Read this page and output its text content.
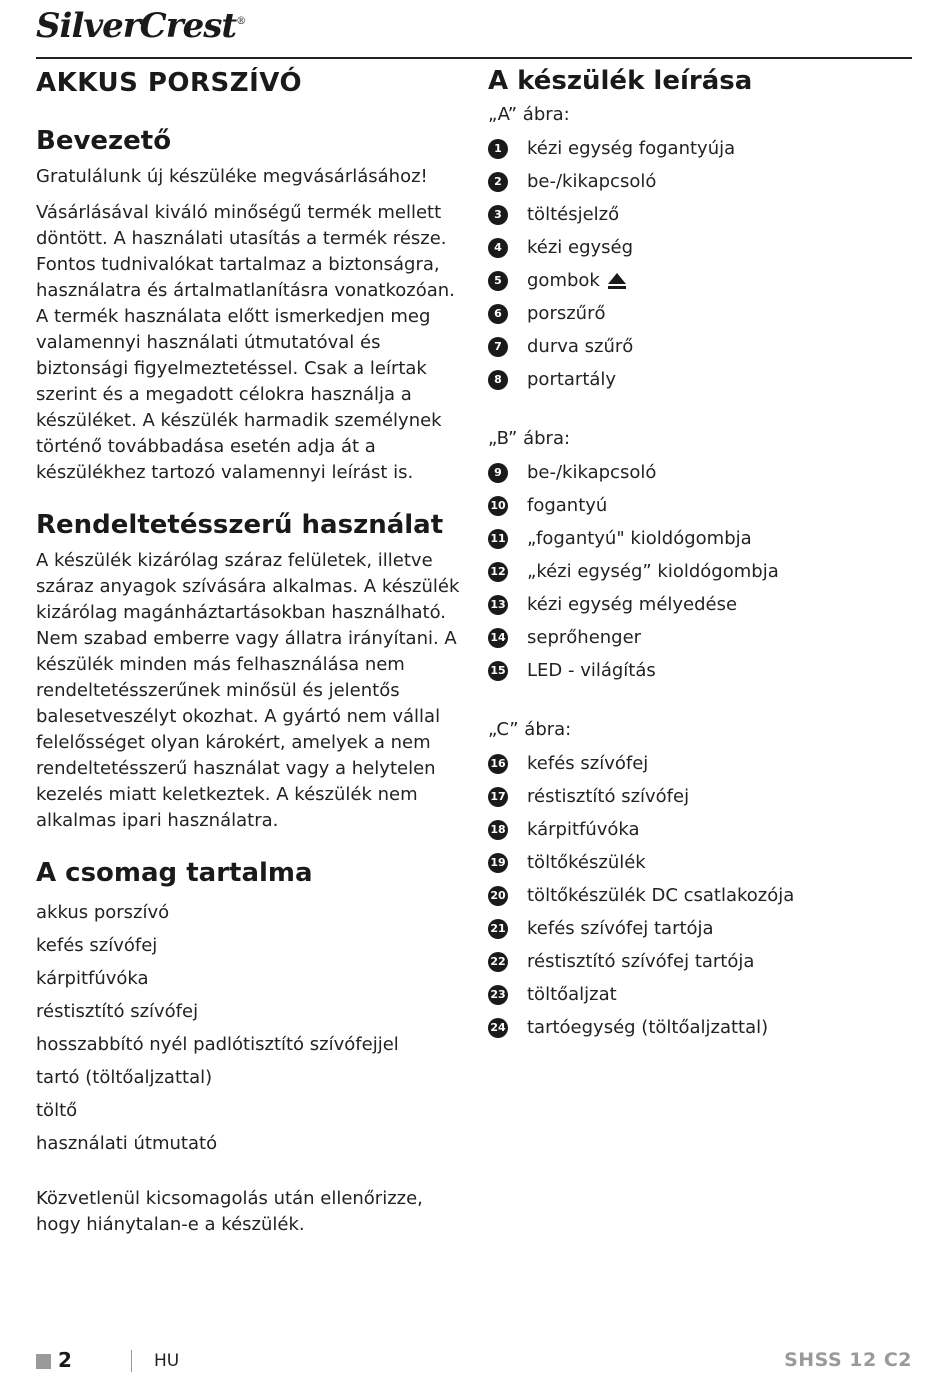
SilverCrest®
AKKUS PORSZÍVÓ
Bevezető

Gratulálunk új készüléke megvásárlásához!

Vásárlásával kiváló minőségű termék mellett döntött. A használati utasítás a termék része. Fontos tudnivalókat tartalmaz a biztonságra, használatra és ártalmatlanításra vonatkozóan. A termék használata előtt ismerkedjen meg valamennyi használati útmutatóval és biztonsági figyelmeztetéssel. Csak a leírtak szerint és a megadott célokra használja a készüléket. A készülék harmadik személynek történő továbbadása esetén adja át a készülékhez tartozó valamennyi leírást is.

Rendeltetésszerű használat

A készülék kizárólag száraz felületek, illetve száraz anyagok szívására alkalmas. A készülék kizárólag magánháztartásokban használható. Nem szabad emberre vagy állatra irányítani. A készülék minden más felhasználása nem rendeltetésszerűnek minősül és jelentős balesetveszélyt okozhat. A gyártó nem vállal felelősséget olyan károkért, amelyek a nem rendeltetésszerű használat vagy a helytelen kezelés miatt keletkeztek. A készülék nem alkalmas ipari használatra.

A csomag tartalma
akkus porszívó
kefés szívófej
kárpitfúvóka
réstisztító szívófej
hosszabbító nyél padlótisztító szívófejjel
tartó (töltőaljzattal)
töltő
használati útmutató

Közvetlenül kicsomagolás után ellenőrizze, hogy hiánytalan-e a készülék.

A készülék leírása

„A” ábra:

1	kézi egység fogantyúja
2	be-/kikapcsoló
3	töltésjelző
4	kézi egység
5	gombok
6	porszűrő
7	durva szűrő
8	portartály

„B” ábra:

9	be-/kikapcsoló
10 fogantyú
11 „fogantyú" kioldógombja
12 „kézi egység” kioldógombja
13 kézi egység mélyedése
14 seprőhenger
15 LED - világítás

„C” ábra:

16 kefés szívófej
17 réstisztító szívófej
18 kárpitfúvóka
19 töltőkészülék
20 töltőkészülék DC csatlakozója
21 kefés szívófej tartója
22 réstisztító szívófej tartója
23 töltőaljzat
24 tartóegység (töltőaljzattal)
2	HU	SHSS 12 C2
